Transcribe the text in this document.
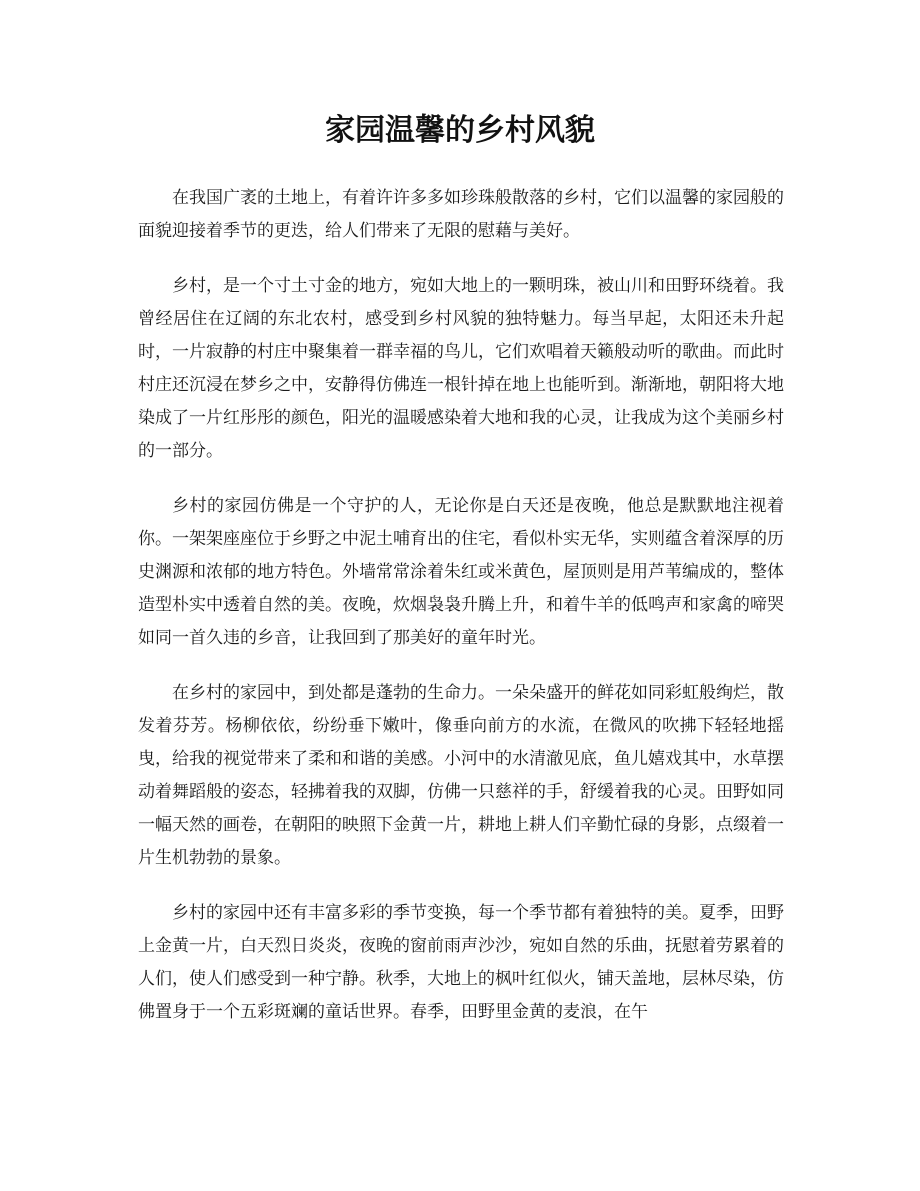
家园温馨的乡村风貌

在我国广袤的土地上，有着许许多多如珍珠般散落的乡村，它们以温馨的家园般的面貌迎接着季节的更迭，给人们带来了无限的慰藉与美好。

乡村，是一个寸土寸金的地方，宛如大地上的一颗明珠，被山川和田野环绕着。我曾经居住在辽阔的东北农村，感受到乡村风貌的独特魅力。每当早起，太阳还未升起时，一片寂静的村庄中聚集着一群幸福的鸟儿，它们欢唱着天籁般动听的歌曲。而此时村庄还沉浸在梦乡之中，安静得仿佛连一根针掉在地上也能听到。渐渐地，朝阳将大地染成了一片红彤彤的颜色，阳光的温暖感染着大地和我的心灵，让我成为这个美丽乡村的一部分。

乡村的家园仿佛是一个守护的人，无论你是白天还是夜晚，他总是默默地注视着你。一架架座座位于乡野之中泥土哺育出的住宅，看似朴实无华，实则蕴含着深厚的历史渊源和浓郁的地方特色。外墙常常涂着朱红或米黄色，屋顶则是用芦苇编成的，整体造型朴实中透着自然的美。夜晚，炊烟袅袅升腾上升，和着牛羊的低鸣声和家禽的啼哭如同一首久违的乡音，让我回到了那美好的童年时光。

在乡村的家园中，到处都是蓬勃的生命力。一朵朵盛开的鲜花如同彩虹般绚烂，散发着芬芳。杨柳依依，纷纷垂下嫩叶，像垂向前方的水流，在微风的吹拂下轻轻地摇曳，给我的视觉带来了柔和和谐的美感。小河中的水清澈见底，鱼儿嬉戏其中，水草摆动着舞蹈般的姿态，轻拂着我的双脚，仿佛一只慈祥的手，舒缓着我的心灵。田野如同一幅天然的画卷，在朝阳的映照下金黄一片，耕地上耕人们辛勤忙碌的身影，点缀着一片生机勃勃的景象。

乡村的家园中还有丰富多彩的季节变换，每一个季节都有着独特的美。夏季，田野上金黄一片，白天烈日炎炎，夜晚的窗前雨声沙沙，宛如自然的乐曲，抚慰着劳累着的人们，使人们感受到一种宁静。秋季，大地上的枫叶红似火，铺天盖地，层林尽染，仿佛置身于一个五彩斑斓的童话世界。春季，田野里金黄的麦浪，在午
